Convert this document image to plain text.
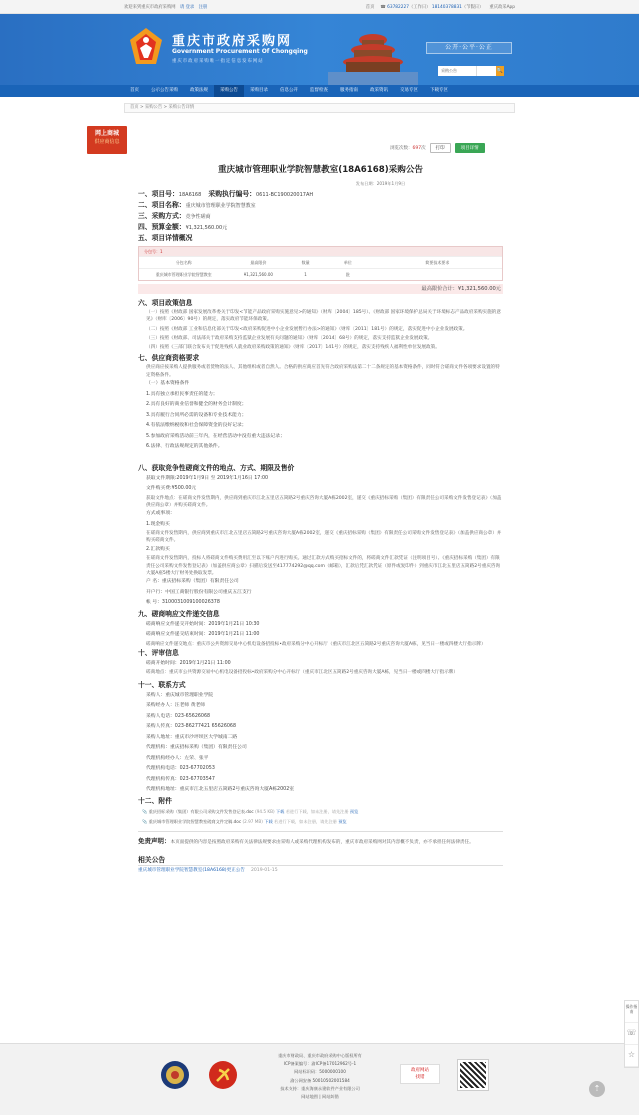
欢迎来到重庆市政府采购网 请 登录 注册	首页 ☎ 63782227（工作日） 18140378831（节假日） 重庆政采App
重庆市政府采购网
Government Procurement Of Chongqing
重庆市政府采购唯一指定信息发布网站
公开·公平·公正
采购公告	🔍
首页	公示公告采购	政策法规	采购公告	采购目录	信息公开	监督检查	服务指南	政采资讯	交易专区	下载专区
首页 > 采购公告 > 采购公告详情
网上商城
供应商信息
浏览次数：697次	打印	项目详情
重庆城市管理职业学院智慧教室(18A6168)采购公告
发布日期：2019年1月9日
一、项目号：18A6168 采购执行编号：0611-BC190020017AH
二、项目名称：重庆城市管理职业学院智慧教室
三、采购方式：竞争性磋商
四、预算金额：¥1,321,560.00元
五、项目详情概况
分包号：1
分包名称	最高限价	数量	单位	简要技术要求
重庆城市管理职业学院智慧教室	¥1,321,560.00	1	批
最高限价合计：¥1,321,560.00元
六、项目政策信息
（一）按照《财政部 国家发展改革委关于印发<节能产品政府采购实施意见>的通知》（财库〔2004〕185号）、《财政部 国家环境保护总局关于环境标志产品政府采购实施的意见》（财库〔2006〕90号）的规定，落实政府节能环保政策。
（二）按照《财政部 工业和信息化部关于印发<政府采购促进中小企业发展暂行办法>的通知》（财库〔2011〕181号）的规定，落实促进中小企业发展政策。
（三）按照《财政部、司法部关于政府采购支持监狱企业发展有关问题的通知》（财库〔2014〕68号）的规定，落实支持监狱企业发展政策。
（四）按照《三部门联合发布关于促进残疾人就业政府采购政策的通知》（财库〔2017〕141号）的规定，落实支持残疾人福利性单位发展政策。
七、供应商资格要求
供应商应按采购人提供服务或者货物的法人、其他组织或者自然人。合格的供应商应首先符合政府采购法第二十二条规定的基本资格条件，同时符合磋商文件各项要求设置的特定资格条件。
（一）基本资格条件
1.具有独立承担民事责任的能力；
2.具有良好的商业信誉和健全的财务会计制度；
3.具有履行合同所必需的设备和专业技术能力；
4.有依法缴纳税收和社会保障资金的良好记录；
5.参加政府采购活动前三年内，在经营活动中没有重大违法记录；
6.法律、行政法规规定的其他条件。
八、获取竞争性磋商文件的地点、方式、期限及售价
获取文件期限:2019年1月9日 至 2019年1月16日 17:00
文件购买费:¥500.00元
获取文件地点：在磋商文件发售期内，供应商到重庆市江北五里店五简路2号重庆咨询大厦A栋2002室，递交《重庆招标采购（集团）有限责任公司采购文件发售登记表》（加盖供应商公章）并购买磋商文件。
方式或事项：
1.现金购买
在磋商文件发售期内，供应商到重庆市江北五里店五简路2号重庆咨询大厦A栋2002室，递交《重庆招标采购（集团）有限责任公司采购文件发售登记表》（加盖供应商公章）并购买磋商文件。
2.汇款购买
在磋商文件发售期内，投标人将磋商文件购买费用汇至以下账户内进行购买。通过汇款方式购买招标文件的，将磋商文件汇款凭证（注明项目号）、《重庆招标采购（集团）有限责任公司采购文件发售登记表》（加盖供应商公章）扫描后发送至417774292@qq.com（邮箱），汇款后凭汇款凭证（原件或复印件）到重庆市江北五里店五简路2号重庆咨询大厦A座5楼大厅财务处换取发票。
户 名：重庆招标采购（集团）有限责任公司
开户行：中国工商银行股份有限公司重庆五江支行
帐 号：3100031009100026378
九、磋商响应文件递交信息
磋商响应文件递交开始时间：2019年1月21日 10:30
磋商响应文件递交结束时间：2019年1月21日 11:00
磋商响应文件递交地点：重庆市公共资源交易中心机电设备招投标•政府采购分中心开标厅（重庆市江北区五简路2号重庆咨询大厦A栋，见当日一楼或四楼大厅指示牌）
十、评审信息
磋商开始时间：2019年1月21日 11:00
磋商地点：重庆市公共资源交易中心机电设备招投标•政府采购分中心开标厅（重庆市江北区五简路2号重庆咨询大厦A栋，见当日一楼或四楼大厅指示牌）
十一、联系方式
采购人：重庆城市管理职业学院
采购经办人：汪老师 黄老师
采购人电话：023-65626068
采购人传真：023-86277421 65626068
采购人地址：重庆市沙坪坝区大学城南二路
代理机构：重庆招标采购（集团）有限责任公司
代理机构经办人：左荣、张平
代理机构电话：023-67702053
代理机构传真：023-67703547
代理机构地址：重庆市江北五里店五简路2号重庆咨询大厦A栋2002室
十二、附件
📎 重庆招标采购（集团）有限公司采购文件发售登记表.doc (94.5 KB) 下载 若进行下载，如未注册，请先注册 预览
📎 重庆城市管理职业学院智慧教室磋商文件定稿.doc (2.97 MB) 下载 若进行下载，如未注册，请先注册 预览
免责声明：本页面提供的内容是按照政府采购有关法律法规要求由采购人或采购代理机构发布的，重庆市政府采购网对其内容概不负责，亦不承担任何法律责任。
相关公告
重庆城市管理职业学院智慧教室(18A6168)更正公告 2019-01-15
重庆市财政局、重庆市政府采购中心版权所有
ICP备案编号：渝ICP备17012962号-1
网站标识码：5000000100
渝公网安备 50010502001584
技术支持：重庆海康永建软件产业有限公司
网站地图 | 网站纠错
政府网站
找错
操作指南
☏
☆
⇡
